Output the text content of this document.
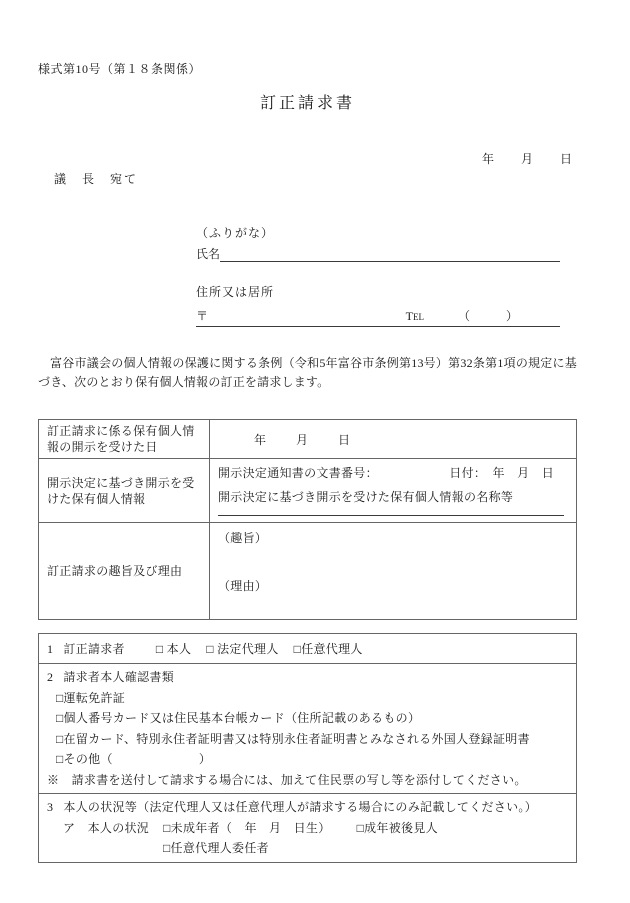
様式第10号（第１８条関係）
訂正請求書
年　　月　　日
議　長　宛て
（ふりがな）
氏名
住所又は居所
〒	TEL	（　　　）

富谷市議会の個人情報の保護に関する条例（令和5年富谷市条例第13号）第32条第1項の規定に基づき、次のとおり保有個人情報の訂正を請求します。

訂正請求に係る保有個人情報の開示を受けた日	年　　月　　日
開示決定に基づき開示を受けた保有個人情報	開示決定通知書の文書番号： 日付：　年　月　日
開示決定に基づき開示を受けた保有個人情報の名称等

訂正請求の趣旨及び理由	（趣旨）
（理由）
1 訂正請求者	□ 本人 □ 法定代理人 □任意代理人

2 請求者本人確認書類
□運転免許証
□個人番号カード又は住民基本台帳カード（住所記載のあるもの）
□在留カード、特別永住者証明書又は特別永住者証明書とみなされる外国人登録証明書
□その他（　　　　　　　）
※　請求書を送付して請求する場合には、加えて住民票の写し等を添付してください。

3 本人の状況等（法定代理人又は任意代理人が請求する場合にのみ記載してください。）
ア　本人の状況 □未成年者（　年　月　日生） □成年被後見人
□任意代理人委任者
